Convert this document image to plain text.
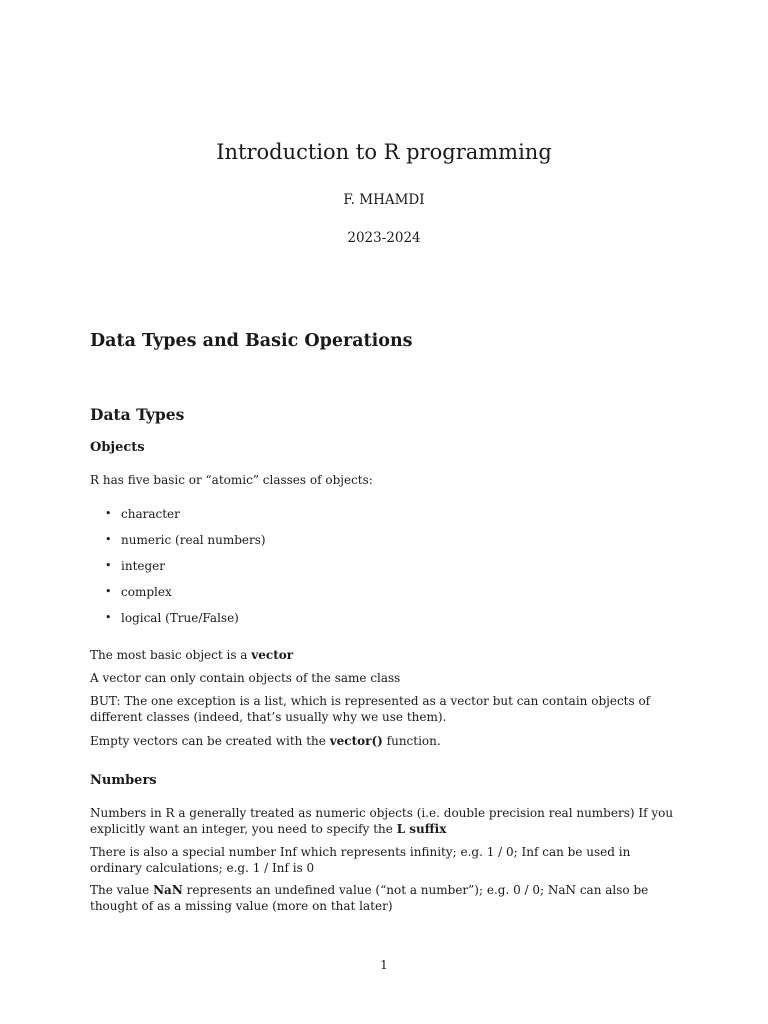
Introduction to R programming
F. MHAMDI
2023-2024
Data Types and Basic Operations
Data Types
Objects
R has five basic or “atomic” classes of objects:
• character
• numeric (real numbers)
• integer
• complex
• logical (True/False)
The most basic object is a vector
A vector can only contain objects of the same class
BUT: The one exception is a list, which is represented as a vector but can contain objects of different classes (indeed, that’s usually why we use them).
Empty vectors can be created with the vector() function.
Numbers
Numbers in R a generally treated as numeric objects (i.e. double precision real numbers) If you explicitly want an integer, you need to specify the L suffix
There is also a special number Inf which represents infinity; e.g. 1 / 0; Inf can be used in ordinary calculations; e.g. 1 / Inf is 0
The value NaN represents an undefined value (“not a number”); e.g. 0 / 0; NaN can also be thought of as a missing value (more on that later)
1
